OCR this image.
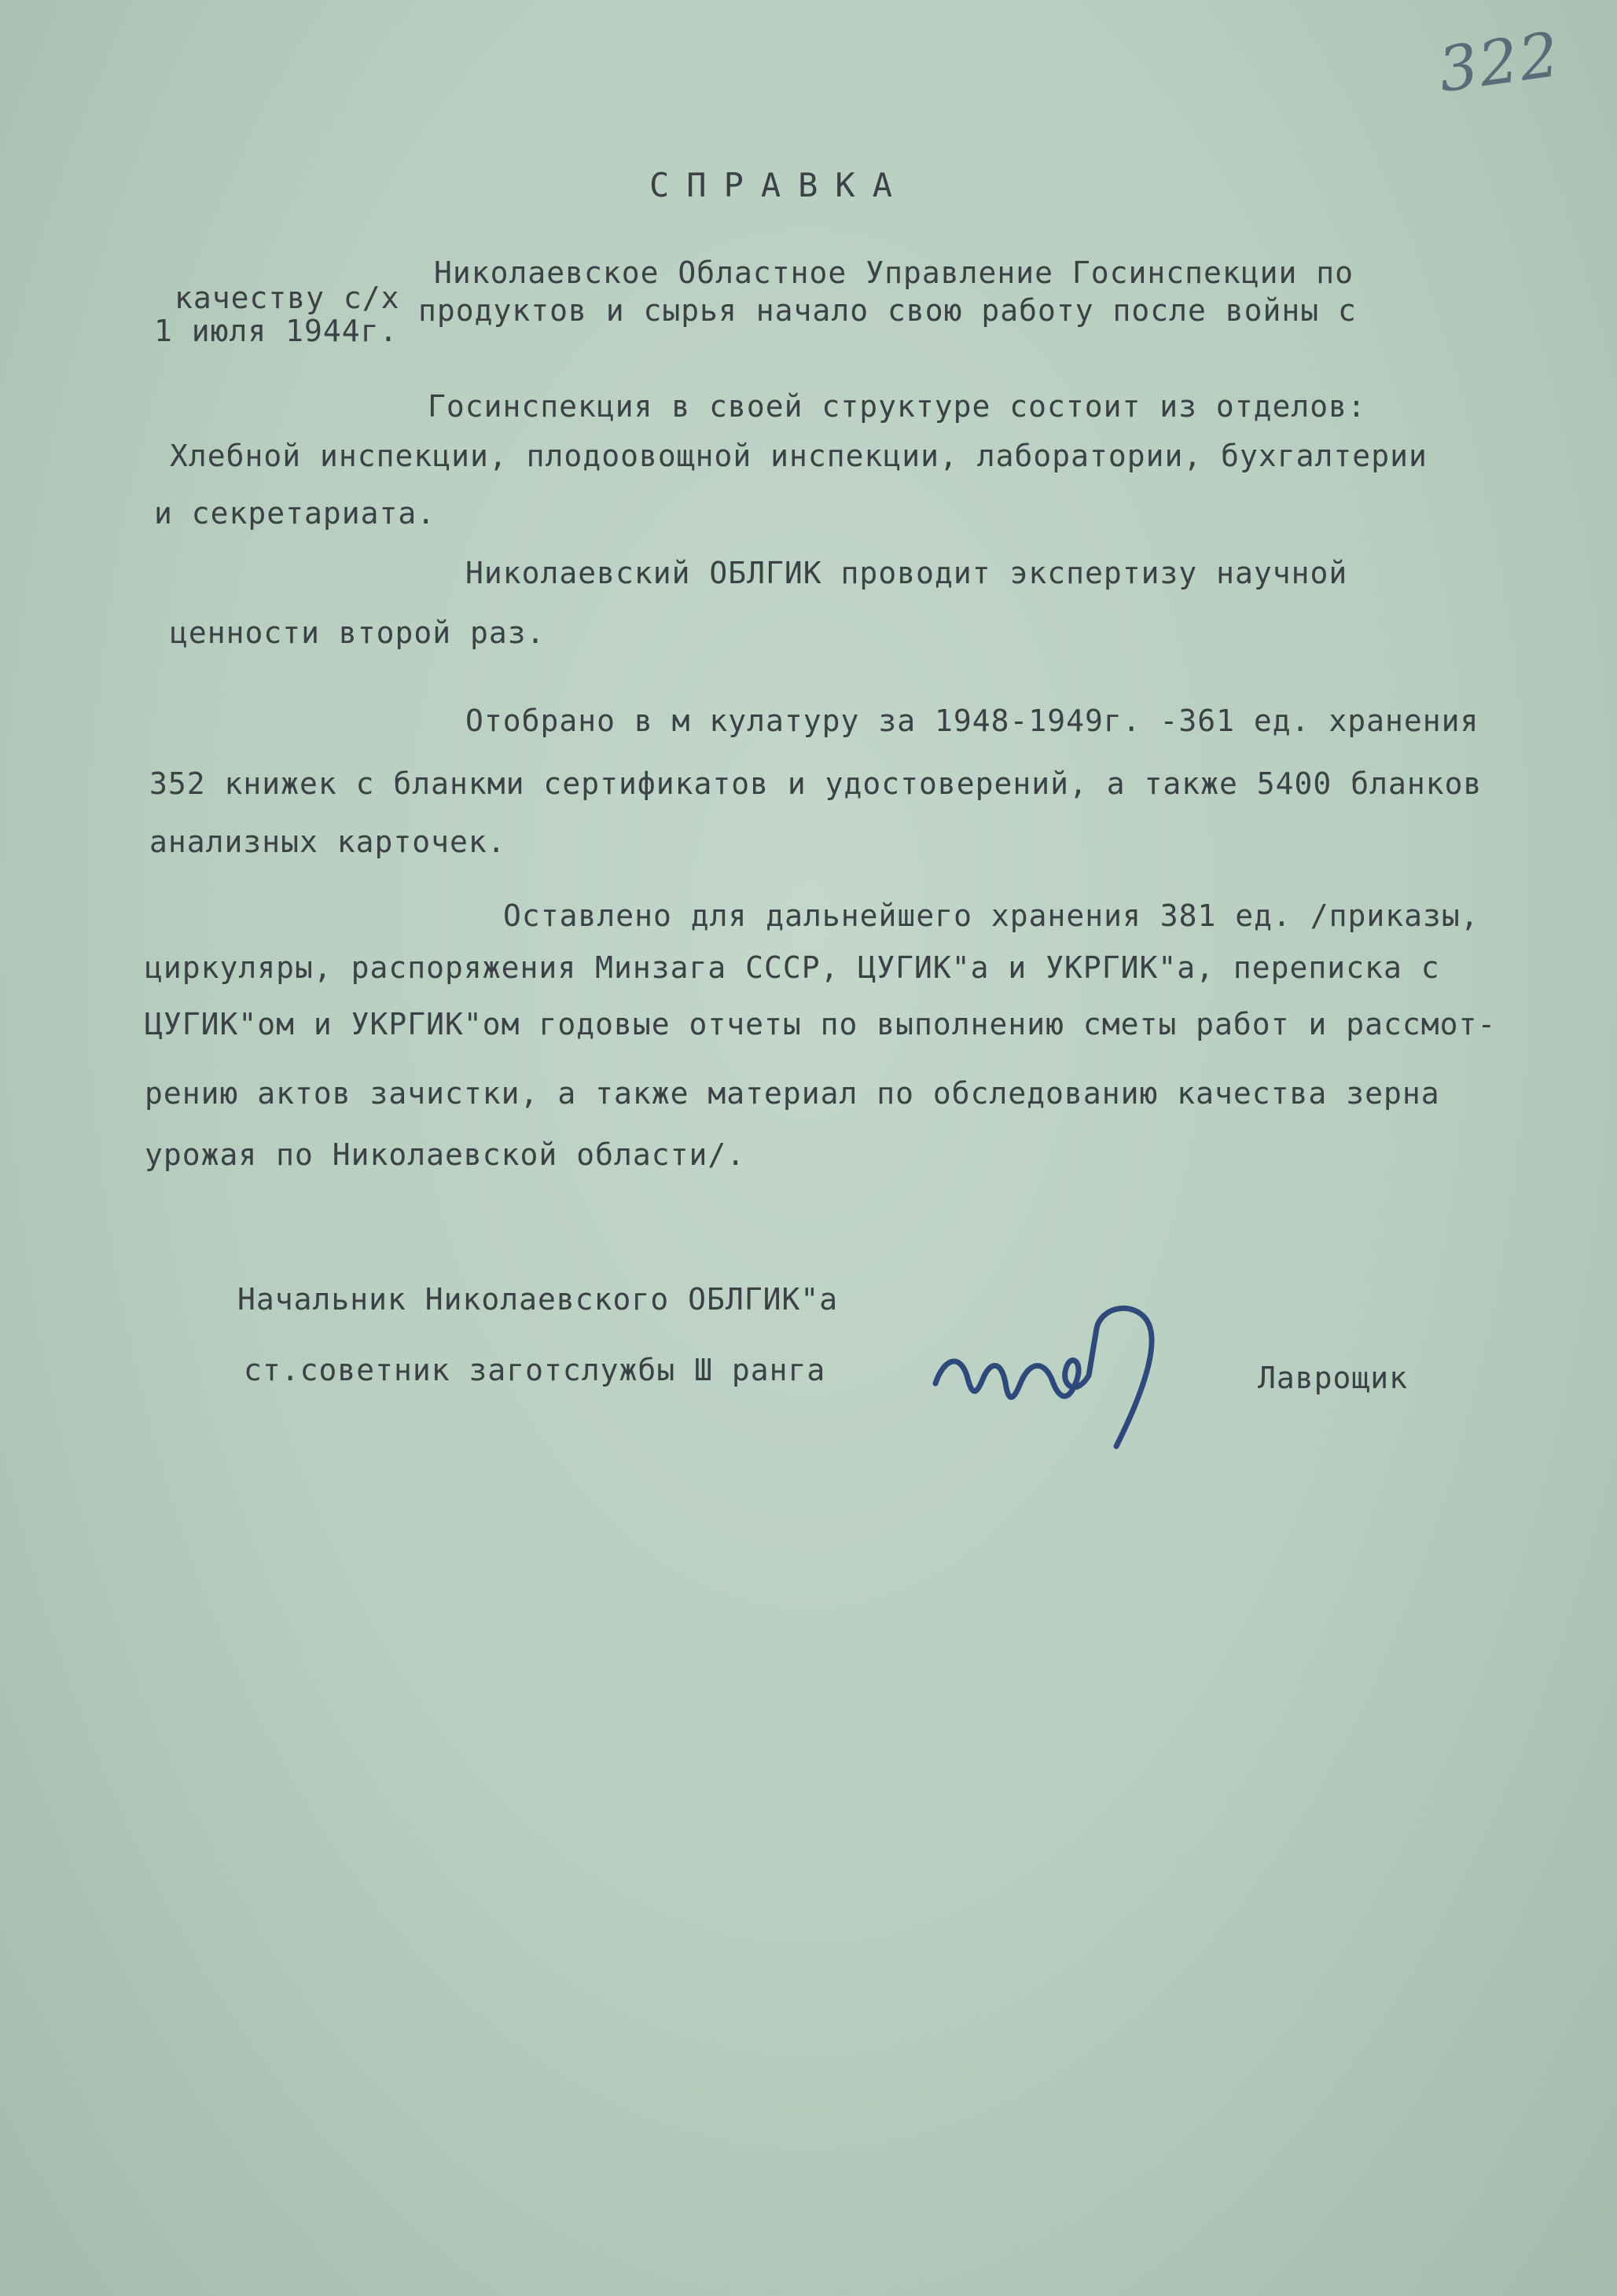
322
СПРАВКА
Николаевское Областное Управление Госинспекции по
качеству с/х продуктов и сырья начало свою работу после войны с
1 июля 1944г.
Госинспекция в своей структуре состоит из отделов:
Хлебной инспекции, плодоовощной инспекции, лаборатории, бухгалтерии
и секретариата.
Николаевский ОБЛГИК проводит экспертизу научной
ценности второй раз.
Отобрано в м кулатуру за 1948-1949г. -361 ед. хранения
352 книжек с бланкми сертификатов и удостоверений, а также 5400 бланков
анализных карточек.
Оставлено для дальнейшего хранения 381 ед. /приказы,
циркуляры, распоряжения Минзага СССР, ЦУГИК"а и УКРГИК"а, переписка с
ЦУГИК"ом и УКРГИК"ом годовые отчеты по выполнению сметы работ и рассмот-
рению актов зачистки, а также материал по обследованию качества зерна
урожая по Николаевской области/.
Начальник Николаевского ОБЛГИК"а
ст.советник заготслужбы Ш ранга	Лаврощик
